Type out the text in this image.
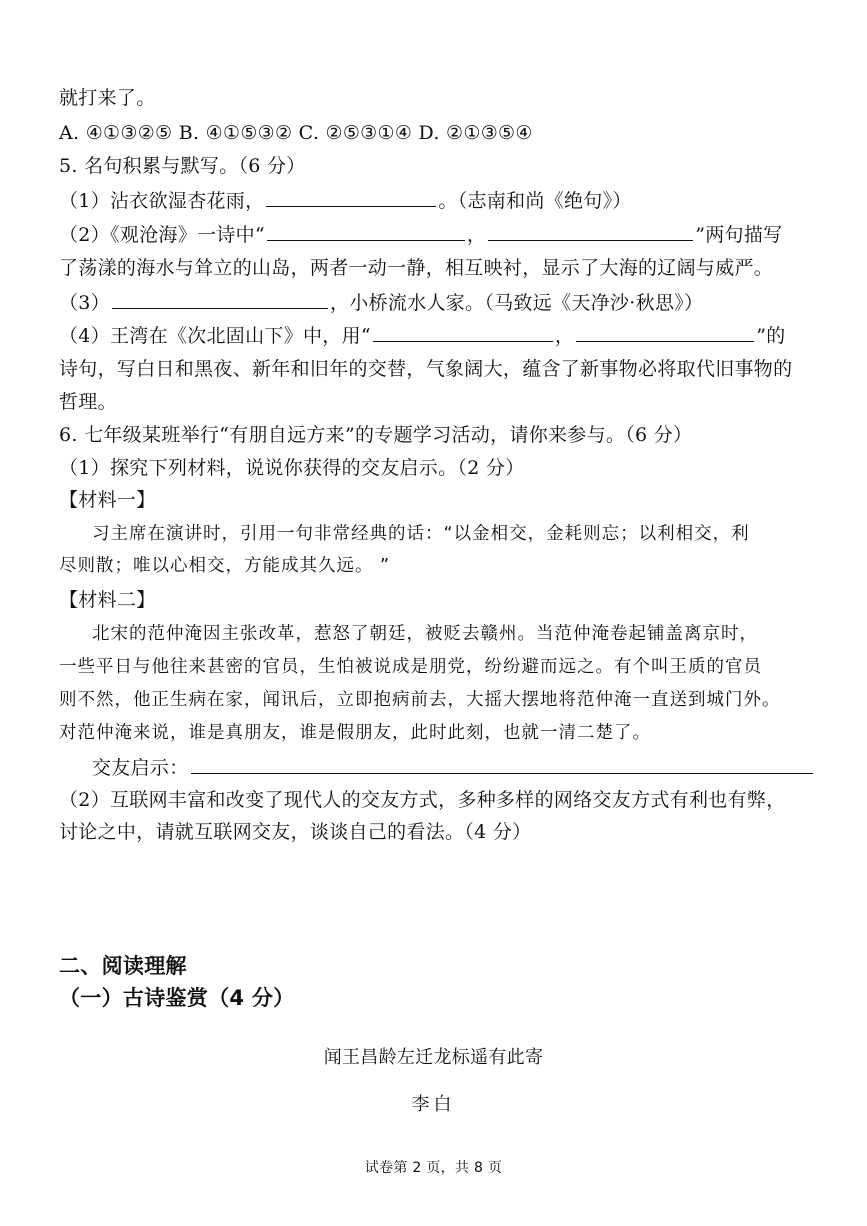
就打来了。
A. ④①③②⑤ B. ④①⑤③② C. ②⑤③①④ D. ②①③⑤④
5. 名句积累与默写。（6 分）
（1）沾衣欲湿杏花雨，	。（志南和尚《绝句》）
（2）《观沧海》一诗中“	，	”两句描写
了荡漾的海水与耸立的山岛，两者一动一静，相互映衬，显示了大海的辽阔与威严。
（3）	，小桥流水人家。（马致远《天净沙·秋思》）
（4）王湾在《次北固山下》中，用“	，	”的
诗句，写白日和黑夜、新年和旧年的交替，气象阔大，蕴含了新事物必将取代旧事物的
哲理。
6. 七年级某班举行“有朋自远方来”的专题学习活动，请你来参与。（6 分）
（1）探究下列材料，说说你获得的交友启示。（2 分）
【材料一】
习主席在演讲时，引用一句非常经典的话：“以金相交，金耗则忘；以利相交，利
尽则散；唯以心相交，方能成其久远。 ”
【材料二】
北宋的范仲淹因主张改革，惹怒了朝廷，被贬去赣州。当范仲淹卷起铺盖离京时，
一些平日与他往来甚密的官员，生怕被说成是朋党，纷纷避而远之。有个叫王质的官员
则不然，他正生病在家，闻讯后，立即抱病前去，大摇大摆地将范仲淹一直送到城门外。
对范仲淹来说，谁是真朋友，谁是假朋友，此时此刻，也就一清二楚了。
交友启示：
（2）互联网丰富和改变了现代人的交友方式，多种多样的网络交友方式有利也有弊，
讨论之中，请就互联网交友，谈谈自己的看法。（4 分）
二、阅读理解
（一）古诗鉴赏（4 分）
闻王昌龄左迁龙标遥有此寄
李白
试卷第 2 页，共 8 页
